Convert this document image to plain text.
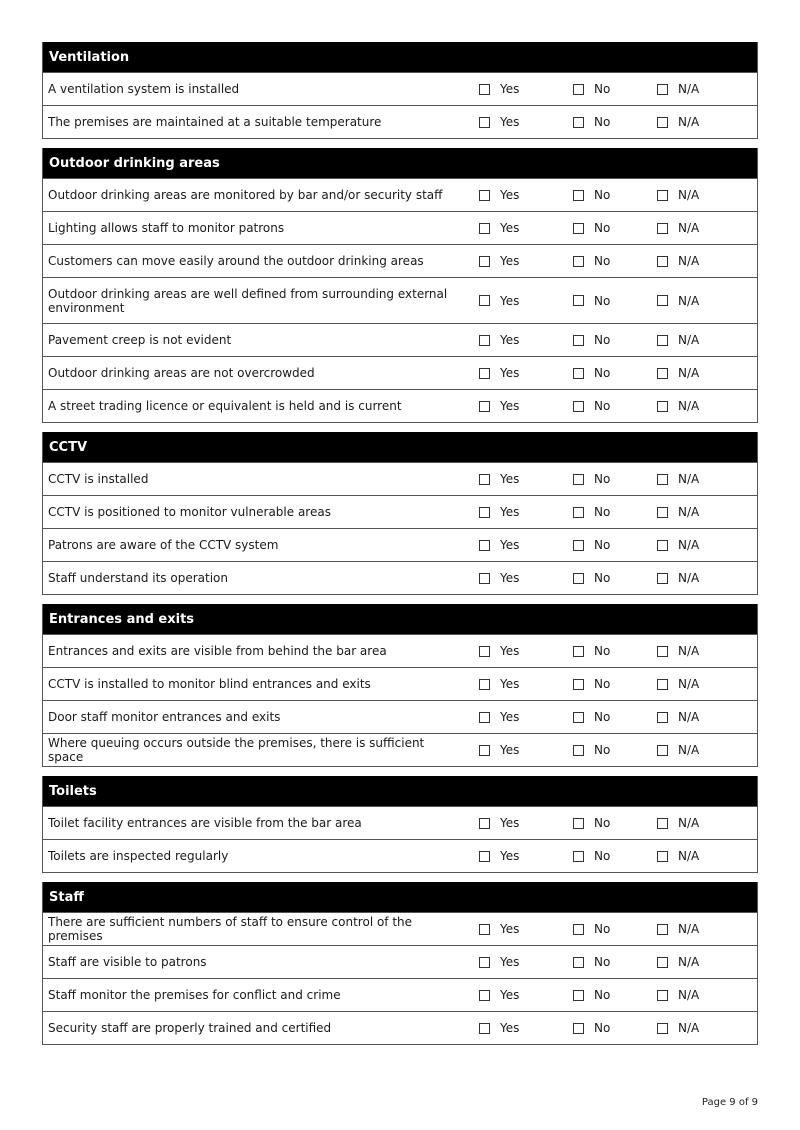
Ventilation
A ventilation system is installed	Yes	No	N/A
The premises are maintained at a suitable temperature	Yes	No	N/A
Outdoor drinking areas
Outdoor drinking areas are monitored by bar and/or security staff	Yes	No	N/A
Lighting allows staff to monitor patrons	Yes	No	N/A
Customers can move easily around the outdoor drinking areas	Yes	No	N/A
Outdoor drinking areas are well defined from surrounding external environment	Yes	No	N/A
Pavement creep is not evident	Yes	No	N/A
Outdoor drinking areas are not overcrowded	Yes	No	N/A
A street trading licence or equivalent is held and is current	Yes	No	N/A
CCTV
CCTV is installed	Yes	No	N/A
CCTV is positioned to monitor vulnerable areas	Yes	No	N/A
Patrons are aware of the CCTV system	Yes	No	N/A
Staff understand its operation	Yes	No	N/A
Entrances and exits
Entrances and exits are visible from behind the bar area	Yes	No	N/A
CCTV is installed to monitor blind entrances and exits	Yes	No	N/A
Door staff monitor entrances and exits	Yes	No	N/A
Where queuing occurs outside the premises, there is sufficient space	Yes	No	N/A
Toilets
Toilet facility entrances are visible from the bar area	Yes	No	N/A
Toilets are inspected regularly	Yes	No	N/A
Staff
There are sufficient numbers of staff to ensure control of the premises	Yes	No	N/A
Staff are visible to patrons	Yes	No	N/A
Staff monitor the premises for conflict and crime	Yes	No	N/A
Security staff are properly trained and certified	Yes	No	N/A
Page 9 of 9
